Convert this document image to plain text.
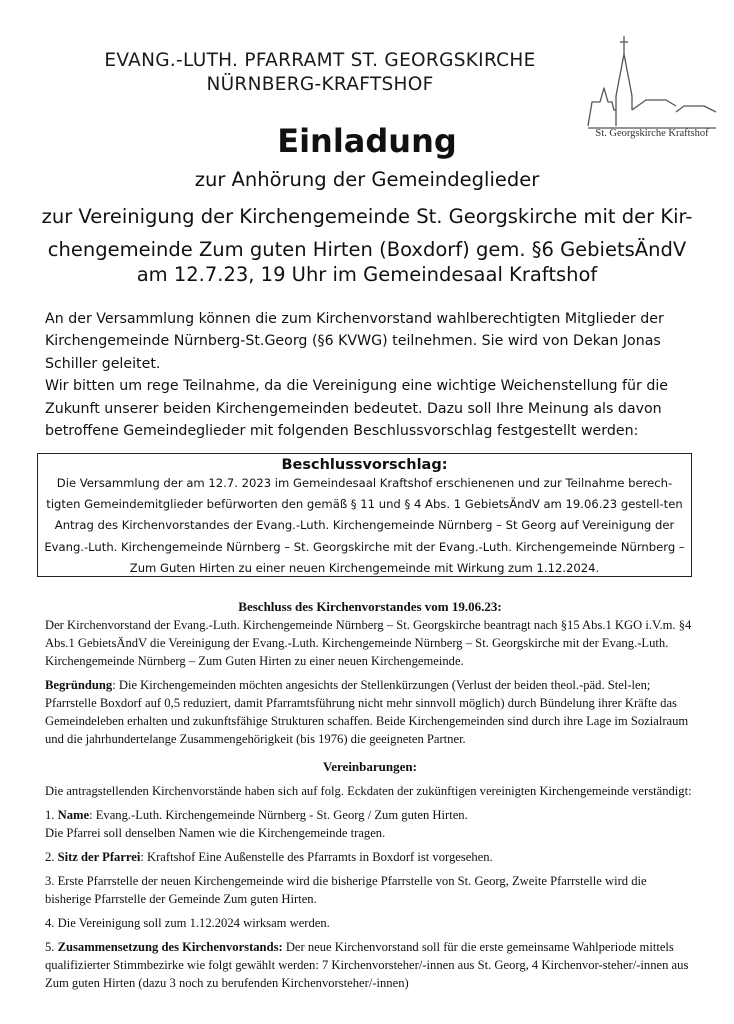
EVANG.-LUTH. PFARRAMT ST. GEORGSKIRCHE
NÜRNBERG-KRAFTSHOF
St. Georgskirche Kraftshof
Einladung
zur Anhörung der Gemeindeglieder
zur Vereinigung der Kirchengemeinde St. Georgskirche mit der Kir-chengemeinde Zum guten Hirten (Boxdorf) gem. §6 GebietsÄndV
am 12.7.23, 19 Uhr im Gemeindesaal Kraftshof

An der Versammlung können die zum Kirchenvorstand wahlberechtigten Mitglieder der Kirchengemeinde Nürnberg-St.Georg (§6 KVWG) teilnehmen. Sie wird von Dekan Jonas Schiller geleitet.

Wir bitten um rege Teilnahme, da die Vereinigung eine wichtige Weichenstellung für die Zukunft unserer beiden Kirchengemeinden bedeutet. Dazu soll Ihre Meinung als davon betroffene Gemeindeglieder mit folgenden Beschlussvorschlag festgestellt werden:

Beschlussvorschlag:
Die Versammlung der am 12.7. 2023 im Gemeindesaal Kraftshof erschienenen und zur Teilnahme berech-tigten Gemeindemitglieder befürworten den gemäß § 11 und § 4 Abs. 1 GebietsÄndV am 19.06.23 gestell-ten Antrag des Kirchenvorstandes der Evang.-Luth. Kirchengemeinde Nürnberg – St Georg auf Vereinigung der Evang.-Luth. Kirchengemeinde Nürnberg – St. Georgskirche mit der Evang.-Luth. Kirchengemeinde Nürnberg – Zum Guten Hirten zu einer neuen Kirchengemeinde mit Wirkung zum 1.12.2024.

Beschluss des Kirchenvorstandes vom 19.06.23:

Der Kirchenvorstand der Evang.-Luth. Kirchengemeinde Nürnberg – St. Georgskirche beantragt nach §15 Abs.1 KGO i.V.m. §4 Abs.1 GebietsÄndV die Vereinigung der Evang.-Luth. Kirchengemeinde Nürnberg – St. Georgskirche mit der Evang.-Luth. Kirchengemeinde Nürnberg – Zum Guten Hirten zu einer neuen Kirchengemeinde.

Begründung: Die Kirchengemeinden möchten angesichts der Stellenkürzungen (Verlust der beiden theol.-päd. Stel-len; Pfarrstelle Boxdorf auf 0,5 reduziert, damit Pfarramtsführung nicht mehr sinnvoll möglich) durch Bündelung ihrer Kräfte das Gemeindeleben erhalten und zukunftsfähige Strukturen schaffen. Beide Kirchengemeinden sind durch ihre Lage im Sozialraum und die jahrhundertelange Zusammengehörigkeit (bis 1976) die geeigneten Partner.

Vereinbarungen:

Die antragstellenden Kirchenvorstände haben sich auf folg. Eckdaten der zukünftigen vereinigten Kirchengemeinde verständigt:

1. Name: Evang.-Luth. Kirchengemeinde Nürnberg - St. Georg / Zum guten Hirten.

Die Pfarrei soll denselben Namen wie die Kirchengemeinde tragen.

2. Sitz der Pfarrei: Kraftshof Eine Außenstelle des Pfarramts in Boxdorf ist vorgesehen.

3. Erste Pfarrstelle der neuen Kirchengemeinde wird die bisherige Pfarrstelle von St. Georg, Zweite Pfarrstelle wird die bisherige Pfarrstelle der Gemeinde Zum guten Hirten.

4. Die Vereinigung soll zum 1.12.2024 wirksam werden.

5. Zusammensetzung des Kirchenvorstands: Der neue Kirchenvorstand soll für die erste gemeinsame Wahlperiode mittels qualifizierter Stimmbezirke wie folgt gewählt werden: 7 Kirchenvorsteher/-innen aus St. Georg, 4 Kirchenvor-steher/-innen aus Zum guten Hirten (dazu 3 noch zu berufenden Kirchenvorsteher/-innen)
